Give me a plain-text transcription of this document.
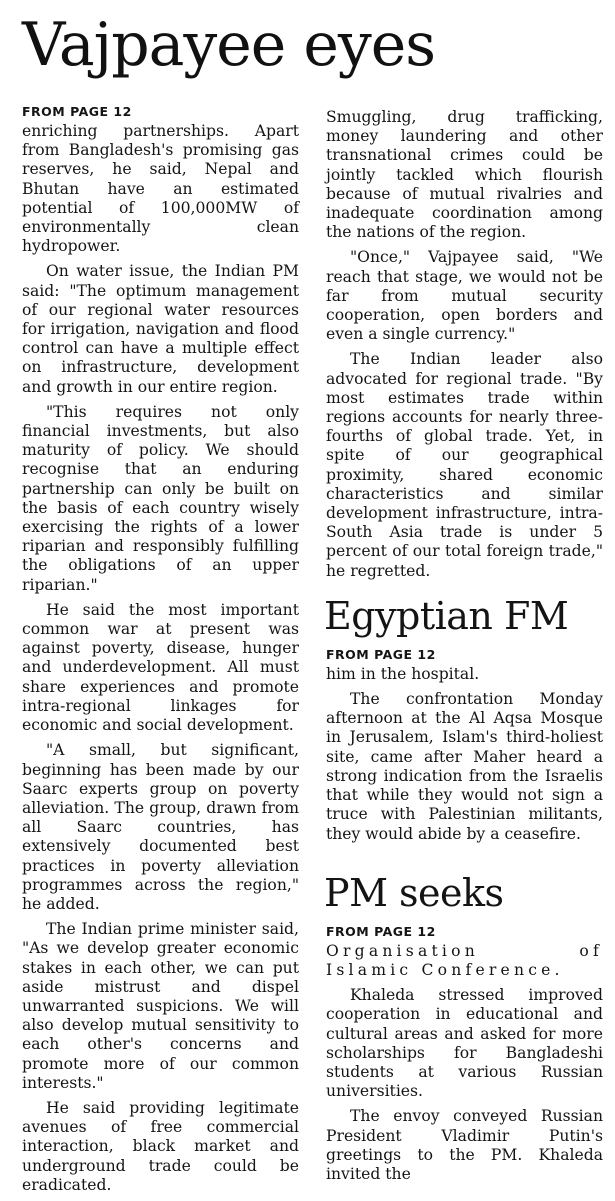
Vajpayee eyes
FROM PAGE 12

enriching partnerships. Apart from Bangladesh's promising gas reserves, he said, Nepal and Bhutan have an estimated potential of 100,000MW of environmentally clean hydropower.

On water issue, the Indian PM said: "The optimum management of our regional water resources for irrigation, navigation and flood control can have a multiple effect on infrastructure, development and growth in our entire region.

"This requires not only financial investments, but also maturity of policy. We should recognise that an enduring partnership can only be built on the basis of each country wisely exercising the rights of a lower riparian and responsibly fulfilling the obligations of an upper riparian."

He said the most important common war at present was against poverty, disease, hunger and underdevelopment. All must share experiences and promote intra-regional linkages for economic and social development.

"A small, but significant, beginning has been made by our Saarc experts group on poverty alleviation. The group, drawn from all Saarc countries, has extensively documented best practices in poverty alleviation programmes across the region," he added.

The Indian prime minister said, "As we develop greater economic stakes in each other, we can put aside mistrust and dispel unwarranted suspicions. We will also develop mutual sensitivity to each other's concerns and promote more of our common interests."

He said providing legitimate avenues of free commercial interaction, black market and underground trade could be eradicated.

Smuggling, drug trafficking, money laundering and other transnational crimes could be jointly tackled which flourish because of mutual rivalries and inadequate coordination among the nations of the region.

"Once," Vajpayee said, "We reach that stage, we would not be far from mutual security cooperation, open borders and even a single currency."

The Indian leader also advocated for regional trade. "By most estimates trade within regions accounts for nearly three-fourths of global trade. Yet, in spite of our geographical proximity, shared economic characteristics and similar development infrastructure, intra-South Asia trade is under 5 percent of our total foreign trade," he regretted.

Egyptian FM
FROM PAGE 12

him in the hospital.

The confrontation Monday afternoon at the Al Aqsa Mosque in Jerusalem, Islam's third-holiest site, came after Maher heard a strong indication from the Israelis that while they would not sign a truce with Palestinian militants, they would abide by a ceasefire.

PM seeks
FROM PAGE 12

Organisation of Islamic Conference.

Khaleda stressed improved cooperation in educational and cultural areas and asked for more scholarships for Bangladeshi students at various Russian universities.

The envoy conveyed Russian President Vladimir Putin's greetings to the PM. Khaleda invited the
